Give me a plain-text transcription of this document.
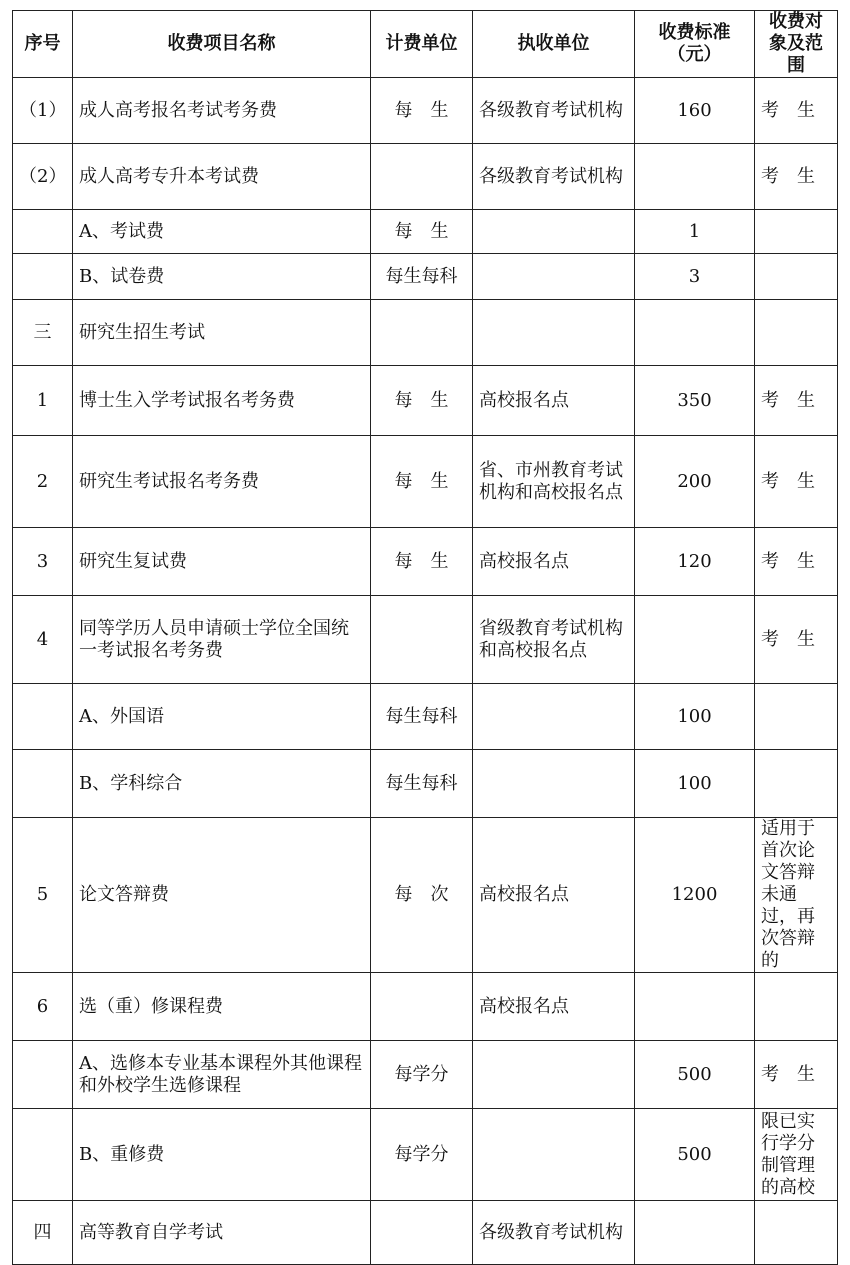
序号	收费项目名称	计费单位	执收单位	收费标准（元）	收费对象及范围
（1）	成人高考报名考试考务费	每　生	各级教育考试机构	160	考　生
（2）	成人高考专升本考试费		各级教育考试机构		考　生
	A、考试费	每　生		1	
	B、试卷费	每生每科		3	
三	研究生招生考试				
1	博士生入学考试报名考务费	每　生	高校报名点	350	考　生
2	研究生考试报名考务费	每　生	省、市州教育考试机构和高校报名点	200	考　生
3	研究生复试费	每　生	高校报名点	120	考　生
4	同等学历人员申请硕士学位全国统一考试报名考务费		省级教育考试机构和高校报名点		考　生
	A、外国语	每生每科		100	
	B、学科综合	每生每科		100	
5	论文答辩费	每　次	高校报名点	1200	适用于首次论文答辩未通过，再次答辩的
6	选（重）修课程费		高校报名点		
	A、选修本专业基本课程外其他课程和外校学生选修课程	每学分		500	考　生
	B、重修费	每学分		500	限已实行学分制管理的高校
四	高等教育自学考试		各级教育考试机构		
